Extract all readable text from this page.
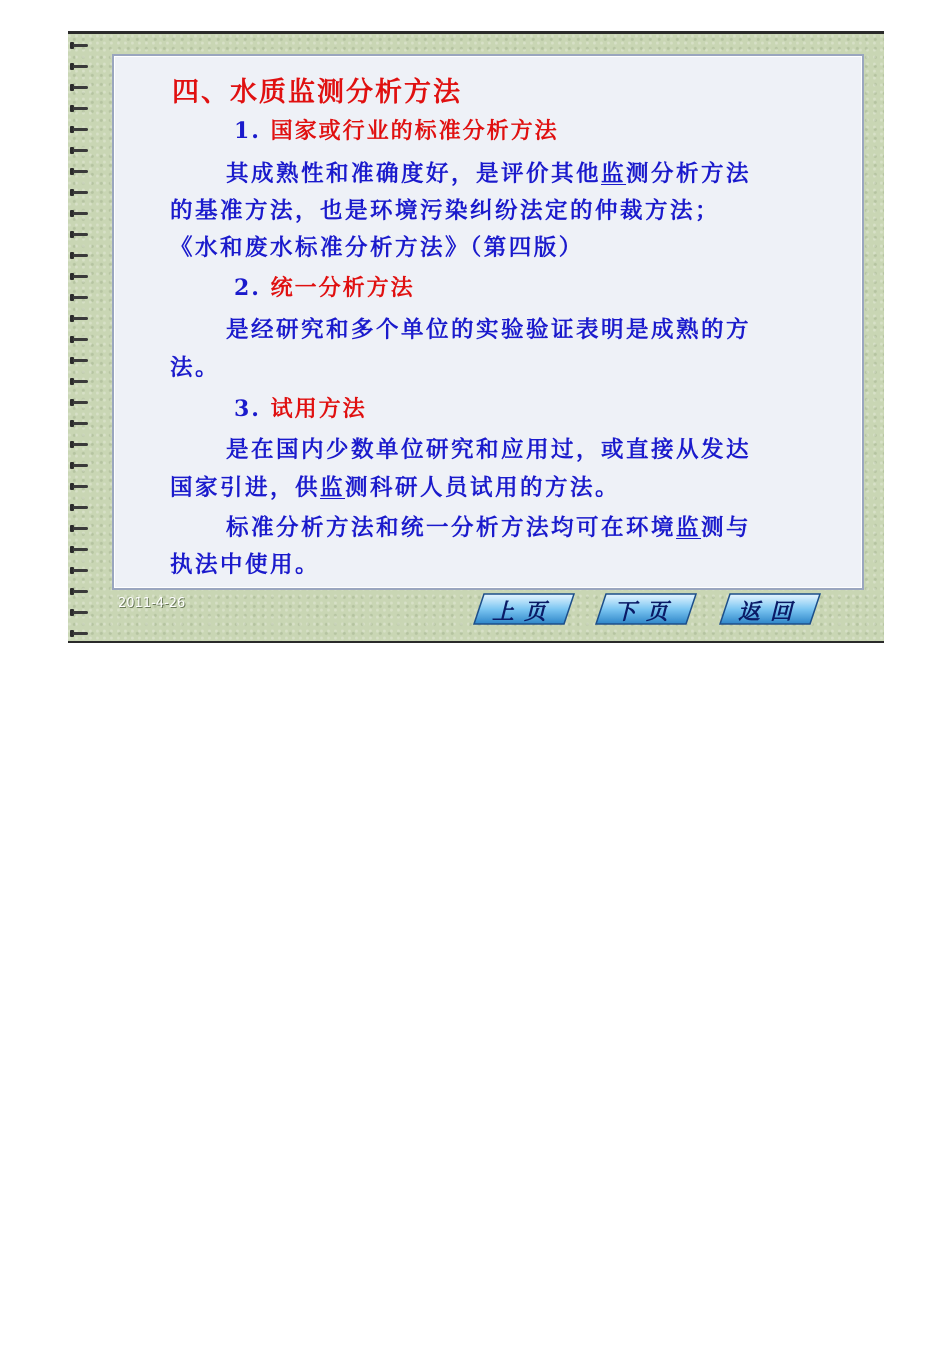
四、水质监测分析方法
1. 国家或行业的标准分析方法
其成熟性和准确度好，是评价其他监测分析方法
的基准方法，也是环境污染纠纷法定的仲裁方法；
《水和废水标准分析方法》（第四版）
2. 统一分析方法
是经研究和多个单位的实验验证表明是成熟的方
法。
3. 试用方法
是在国内少数单位研究和应用过，或直接从发达
国家引进，供监测科研人员试用的方法。
标准分析方法和统一分析方法均可在环境监测与
执法中使用。
2011-4-26	上页	下页	返回
